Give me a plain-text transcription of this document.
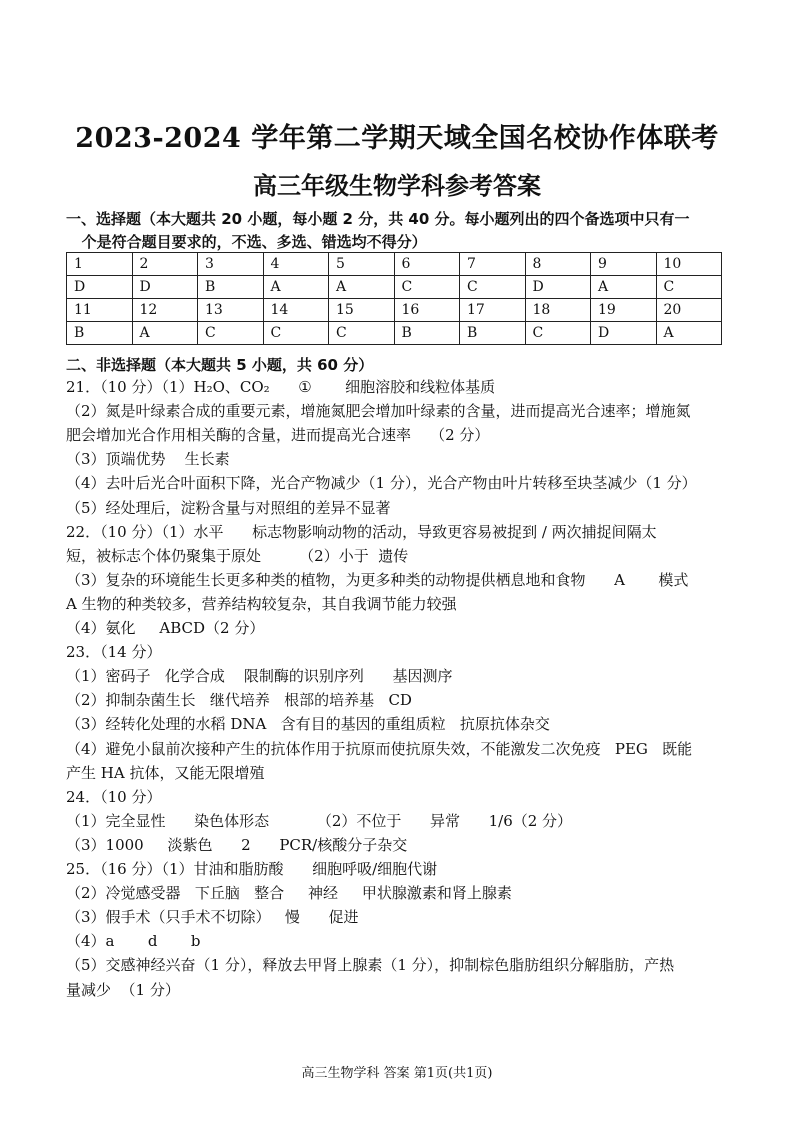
2023-2024 学年第二学期天域全国名校协作体联考
高三年级生物学科参考答案
一、选择题（本大题共 20 小题，每小题 2 分，共 40 分。每小题列出的四个备选项中只有一
个是符合题目要求的，不选、多选、错选均不得分）
1	2	3	4	5	6	7	8	9	10
D	D	B	A	A	C	C	D	A	C
11	12	13	14	15	16	17	18	19	20
B	A	C	C	C	B	B	C	D	A
二、非选择题（本大题共 5 小题，共 60 分）
21．（10 分）（1）H₂O、CO₂      ①       细胞溶胶和线粒体基质
（2）氮是叶绿素合成的重要元素，增施氮肥会增加叶绿素的含量，进而提高光合速率；增施氮
肥会增加光合作用相关酶的含量，进而提高光合速率    （2 分）
（3）顶端优势    生长素
（4）去叶后光合叶面积下降，光合产物减少（1 分），光合产物由叶片转移至块茎减少（1 分）
（5）经处理后，淀粉含量与对照组的差异不显著
22．（10 分）（1）水平      标志物影响动物的活动，导致更容易被捉到 / 两次捕捉间隔太
短，被标志个体仍聚集于原处        （2）小于  遗传
（3）复杂的环境能生长更多种类的植物，为更多种类的动物提供栖息地和食物      A       模式
A 生物的种类较多，营养结构较复杂，其自我调节能力较强
（4）氨化     ABCD（2 分）
23．（14 分）
（1）密码子   化学合成    限制酶的识别序列      基因测序
（2）抑制杂菌生长   继代培养   根部的培养基   CD
（3）经转化处理的水稻 DNA   含有目的基因的重组质粒   抗原抗体杂交
（4）避免小鼠前次接种产生的抗体作用于抗原而使抗原失效，不能激发二次免疫   PEG   既能
产生 HA 抗体，又能无限增殖
24．（10 分）
（1）完全显性      染色体形态          （2）不位于      异常      1/6（2 分）
（3）1000     淡紫色      2      PCR/核酸分子杂交
25．（16 分）（1）甘油和脂肪酸      细胞呼吸/细胞代谢
（2）冷觉感受器   下丘脑   整合     神经     甲状腺激素和肾上腺素
（3）假手术（只手术不切除）   慢      促进
（4）a       d       b
（5）交感神经兴奋（1 分），释放去甲肾上腺素（1 分），抑制棕色脂肪组织分解脂肪，产热
量减少  （1 分）
高三生物学科 答案 第1页(共1页)
